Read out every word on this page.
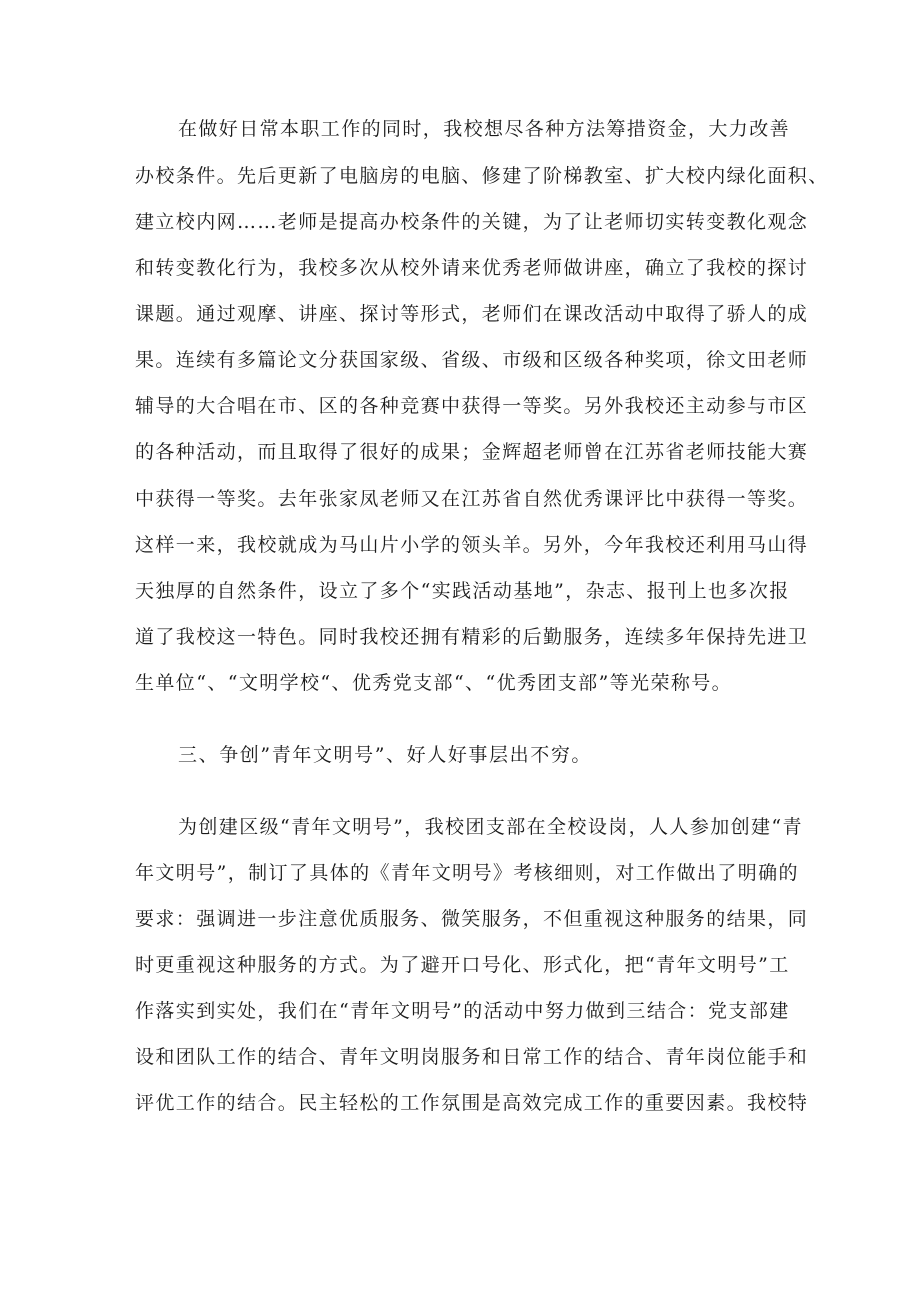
在做好日常本职工作的同时，我校想尽各种方法筹措资金，大力改善
办校条件。先后更新了电脑房的电脑、修建了阶梯教室、扩大校内绿化面积、
建立校内网……老师是提高办校条件的关键，为了让老师切实转变教化观念
和转变教化行为，我校多次从校外请来优秀老师做讲座，确立了我校的探讨
课题。通过观摩、讲座、探讨等形式，老师们在课改活动中取得了骄人的成
果。连续有多篇论文分获国家级、省级、市级和区级各种奖项，徐文田老师
辅导的大合唱在市、区的各种竞赛中获得一等奖。另外我校还主动参与市区
的各种活动，而且取得了很好的成果；金辉超老师曾在江苏省老师技能大赛
中获得一等奖。去年张家凤老师又在江苏省自然优秀课评比中获得一等奖。
这样一来，我校就成为马山片小学的领头羊。另外，今年我校还利用马山得
天独厚的自然条件，设立了多个“实践活动基地”，杂志、报刊上也多次报
道了我校这一特色。同时我校还拥有精彩的后勤服务，连续多年保持先进卫
生单位“、“文明学校“、优秀党支部“、“优秀团支部”等光荣称号。
三、争创”青年文明号”、好人好事层出不穷。
为创建区级“青年文明号”，我校团支部在全校设岗，人人参加创建“青
年文明号”，制订了具体的《青年文明号》考核细则，对工作做出了明确的
要求：强调进一步注意优质服务、微笑服务，不但重视这种服务的结果，同
时更重视这种服务的方式。为了避开口号化、形式化，把“青年文明号”工
作落实到实处，我们在“青年文明号”的活动中努力做到三结合：党支部建
设和团队工作的结合、青年文明岗服务和日常工作的结合、青年岗位能手和
评优工作的结合。民主轻松的工作氛围是高效完成工作的重要因素。我校特
